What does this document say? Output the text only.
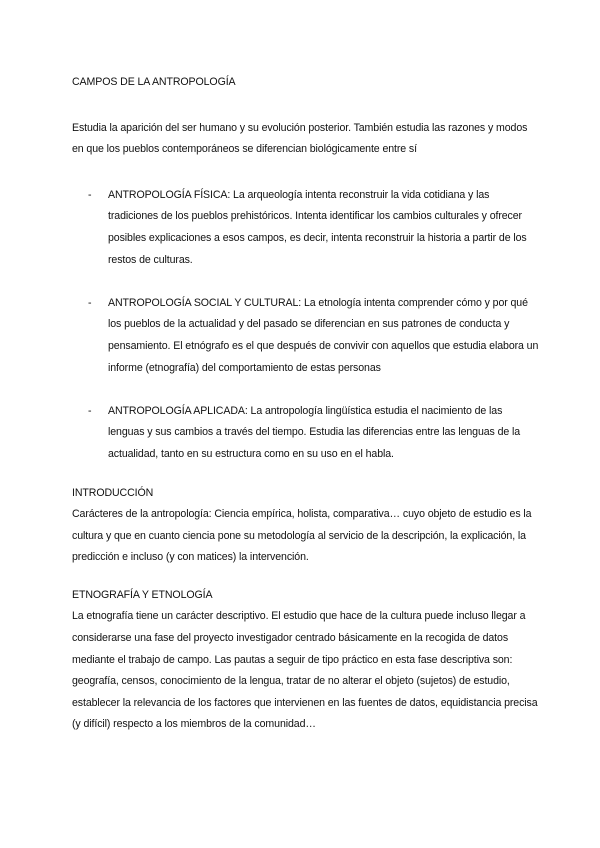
CAMPOS DE LA ANTROPOLOGÍA

Estudia la aparición del ser humano y su evolución posterior. También estudia las razones y modos en que los pueblos contemporáneos se diferencian biológicamente entre sí

- ANTROPOLOGÍA FÍSICA: La arqueología intenta reconstruir la vida cotidiana y las tradiciones de los pueblos prehistóricos. Intenta identificar los cambios culturales y ofrecer posibles explicaciones a esos campos, es decir, intenta reconstruir la historia a partir de los restos de culturas.
- ANTROPOLOGÍA SOCIAL Y CULTURAL: La etnología intenta comprender cómo y por qué los pueblos de la actualidad y del pasado se diferencian en sus patrones de conducta y pensamiento. El etnógrafo es el que después de convivir con aquellos que estudia elabora un informe (etnografía) del comportamiento de estas personas
- ANTROPOLOGÍA APLICADA: La antropología lingüística estudia el nacimiento de las lenguas y sus cambios a través del tiempo. Estudia las diferencias entre las lenguas de la actualidad, tanto en su estructura como en su uso en el habla.

INTRODUCCIÓN

Carácteres de la antropología: Ciencia empírica, holista, comparativa… cuyo objeto de estudio es la cultura y que en cuanto ciencia pone su metodología al servicio de la descripción, la explicación, la predicción e incluso (y con matices) la intervención.

ETNOGRAFÍA Y ETNOLOGÍA

La etnografía tiene un carácter descriptivo. El estudio que hace de la cultura puede incluso llegar a considerarse una fase del proyecto investigador centrado básicamente en la recogida de datos mediante el trabajo de campo. Las pautas a seguir de tipo práctico en esta fase descriptiva son: geografía, censos, conocimiento de la lengua, tratar de no alterar el objeto (sujetos) de estudio, establecer la relevancia de los factores que intervienen en las fuentes de datos, equidistancia precisa (y difícil) respecto a los miembros de la comunidad…
